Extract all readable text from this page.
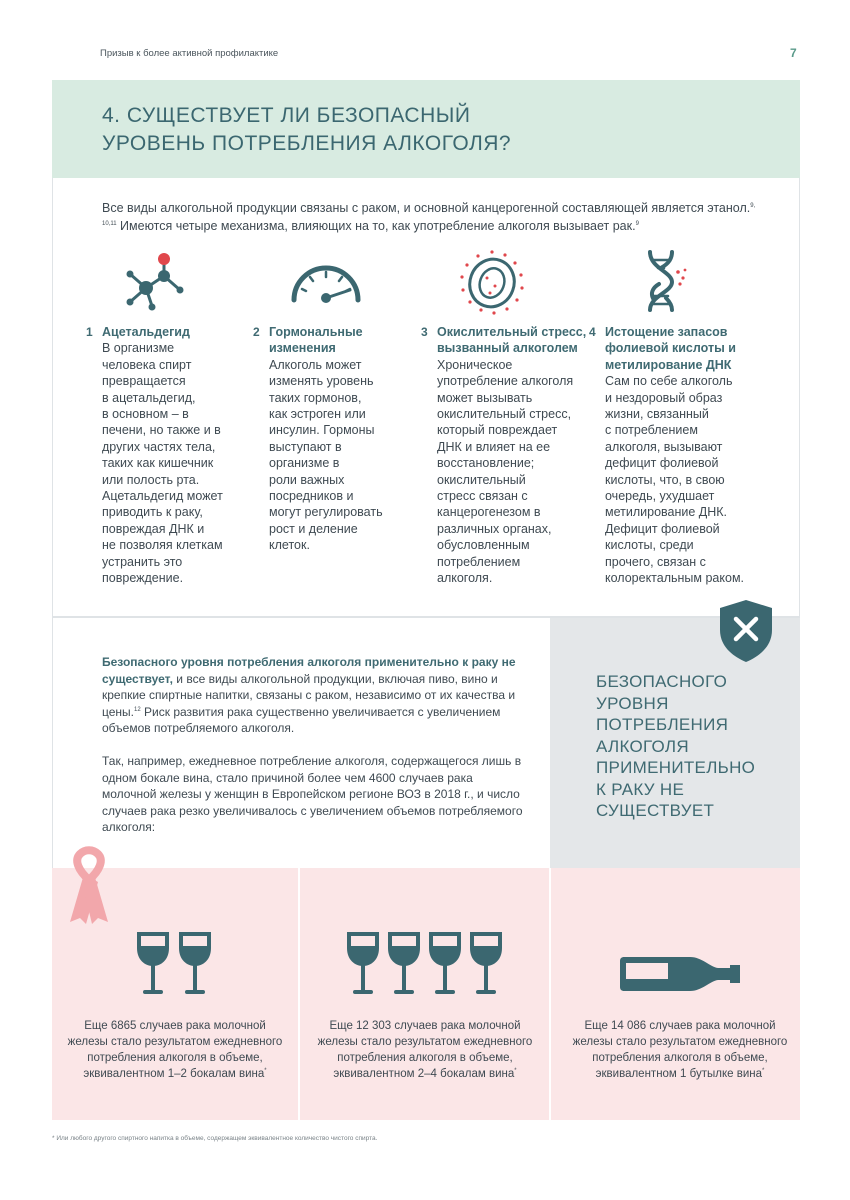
Призыв к более активной профилактике	7
4. СУЩЕСТВУЕТ ЛИ БЕЗОПАСНЫЙ
УРОВЕНЬ ПОТРЕБЛЕНИЯ АЛКОГОЛЯ?
Все виды алкогольной продукции связаны с раком, и основной канцерогенной составляющей является этанол.$^{9, 10,11}$ Имеются четыре механизма, влияющих на то, как употребление алкоголя вызывает рак.$^9$
1 Ацетальдегид
В организме
человека спирт
превращается
в ацетальдегид,
в основном – в
печени, но также и в
других частях тела,
таких как кишечник
или полость рта.
Ацетальдегид может
приводить к раку,
повреждая ДНК и
не позволяя клеткам
устранить это
повреждение.
2 Гормональные изменения
Алкоголь может
изменять уровень
таких гормонов,
как эстроген или
инсулин. Гормоны
выступают в
организме в
роли важных
посредников и
могут регулировать
рост и деление
клеток.
3 Окислительный стресс, вызванный алкоголем
Хроническое
употребление алкоголя
может вызывать
окислительный стресс,
который повреждает
ДНК и влияет на ее
восстановление;
окислительный
стресс связан с
канцерогенезом в
различных органах,
обусловленным
потреблением
алкоголя.
4 Истощение запасов фолиевой кислоты и метилирование ДНК
Сам по себе алкоголь
и нездоровый образ
жизни, связанный
с потреблением
алкоголя, вызывают
дефицит фолиевой
кислоты, что, в свою
очередь, ухудшает
метилирование ДНК.
Дефицит фолиевой
кислоты, среди
прочего, связан с
колоректальным раком.
БЕЗОПАСНОГО
УРОВНЯ
ПОТРЕБЛЕНИЯ
АЛКОГОЛЯ
ПРИМЕНИТЕЛЬНО
К РАКУ НЕ
СУЩЕСТВУЕТ
Безопасного уровня потребления алкоголя применительно к раку не существует, и все виды алкогольной продукции, включая пиво, вино и крепкие спиртные напитки, связаны с раком, независимо от их качества и цены.$^{12}$ Риск развития рака существенно увеличивается с увеличением объемов потребляемого алкоголя.
Так, например, ежедневное потребление алкоголя, содержащегося лишь в одном бокале вина, стало причиной более чем 4600 случаев рака молочной железы у женщин в Европейском регионе ВОЗ в 2018 г., и число случаев рака резко увеличивалось с увеличением объемов потребляемого алкоголя:
Еще 6865 случаев рака молочной
железы стало результатом ежедневного
потребления алкоголя в объеме,
эквивалентном 1–2 бокалам вина*
Еще 12 303 случаев рака молочной
железы стало результатом ежедневного
потребления алкоголя в объеме,
эквивалентном 2–4 бокалам вина*
Еще 14 086 случаев рака молочной
железы стало результатом ежедневного
потребления алкоголя в объеме,
эквивалентном 1 бутылке вина*
* Или любого другого спиртного напитка в объеме, содержащем эквивалентное количество чистого спирта.
